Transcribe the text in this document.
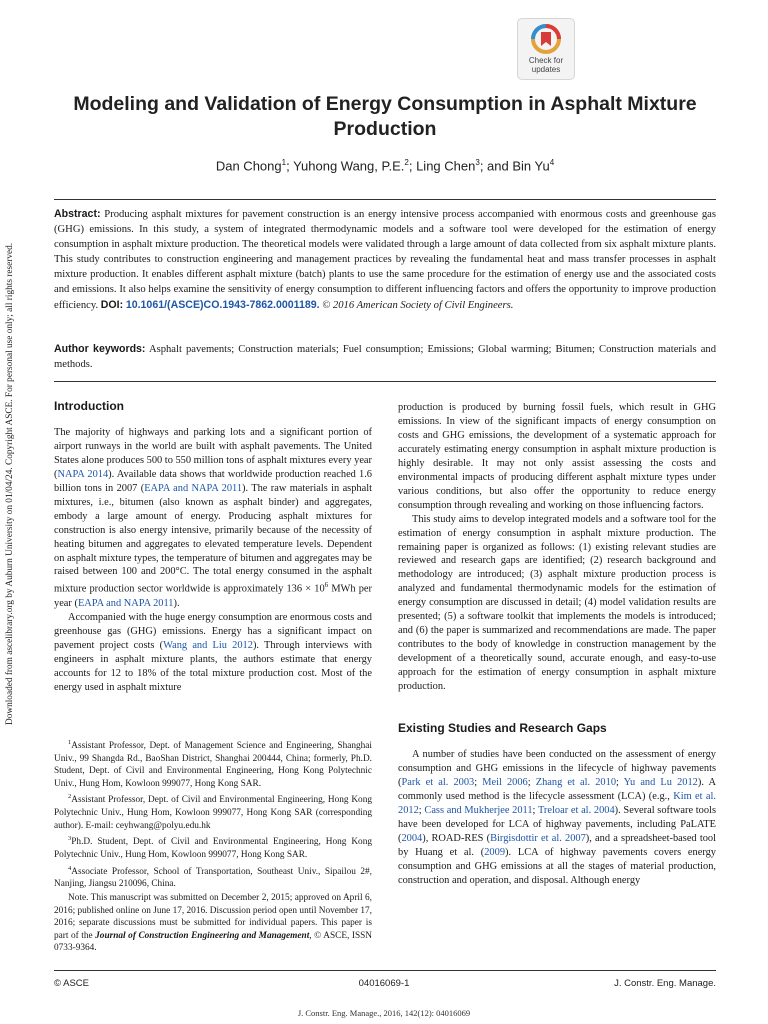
Downloaded from ascelibrary.org by Auburn University on 01/04/24. Copyright ASCE. For personal use only; all rights reserved.
Check for
updates
Modeling and Validation of Energy Consumption in Asphalt Mixture Production
Dan Chong$^1$; Yuhong Wang, P.E.$^2$; Ling Chen$^3$; and Bin Yu$^4$
Abstract: Producing asphalt mixtures for pavement construction is an energy intensive process accompanied with enormous costs and greenhouse gas (GHG) emissions. In this study, a system of integrated thermodynamic models and a software tool were developed for the estimation of energy consumption in asphalt mixture production. The theoretical models were validated through a large amount of data collected from six asphalt mixture plants. This study contributes to construction engineering and management practices by revealing the fundamental heat and mass transfer processes in asphalt mixture production. It enables different asphalt mixture (batch) plants to use the same procedure for the estimation of energy use and the associated costs and emissions. It also helps examine the sensitivity of energy consumption to different influencing factors and offers the opportunity to improve production efficiency. DOI: 10.1061/(ASCE)CO.1943-7862.0001189. © 2016 American Society of Civil Engineers.
Author keywords: Asphalt pavements; Construction materials; Fuel consumption; Emissions; Global warming; Bitumen; Construction materials and methods.
Introduction

The majority of highways and parking lots and a significant portion of airport runways in the world are built with asphalt pavements. The United States alone produces 500 to 550 million tons of asphalt mixtures every year (NAPA 2014). Available data shows that worldwide production reached 1.6 billion tons in 2007 (EAPA and NAPA 2011). The raw materials in asphalt mixtures, i.e., bitumen (also known as asphalt binder) and aggregates, embody a large amount of energy. Producing asphalt mixtures for construction is also energy intensive, primarily because of the necessity of heating bitumen and aggregates to elevated temperature levels. Dependent on asphalt mixture types, the temperature of bitumen and aggregates may be raised between 100 and 200°C. The total energy consumed in the asphalt mixture production sector worldwide is approximately $136 \times 10^6$ MWh per year (EAPA and NAPA 2011).

Accompanied with the huge energy consumption are enormous costs and greenhouse gas (GHG) emissions. Energy has a significant impact on pavement project costs (Wang and Liu 2012). Through interviews with engineers in asphalt mixture plants, the authors estimate that energy accounts for 12 to 18% of the total mixture production cost. Most of the energy used in asphalt mixture

$^1$Assistant Professor, Dept. of Management Science and Engineering, Shanghai Univ., 99 Shangda Rd., BaoShan District, Shanghai 200444, China; formerly, Ph.D. Student, Dept. of Civil and Environmental Engineering, Hong Kong Polytechnic Univ., Hung Hom, Kowloon 999077, Hong Kong SAR.

$^2$Assistant Professor, Dept. of Civil and Environmental Engineering, Hong Kong Polytechnic Univ., Hung Hom, Kowloon 999077, Hong Kong SAR (corresponding author). E-mail: ceyhwang@polyu.edu.hk

$^3$Ph.D. Student, Dept. of Civil and Environmental Engineering, Hong Kong Polytechnic Univ., Hung Hom, Kowloon 999077, Hong Kong SAR.

$^4$Associate Professor, School of Transportation, Southeast Univ., Sipailou 2#, Nanjing, Jiangsu 210096, China.

Note. This manuscript was submitted on December 2, 2015; approved on April 6, 2016; published online on June 17, 2016. Discussion period open until November 17, 2016; separate discussions must be submitted for individual papers. This paper is part of the Journal of Construction Engineering and Management, © ASCE, ISSN 0733-9364.

production is produced by burning fossil fuels, which result in GHG emissions. In view of the significant impacts of energy consumption on costs and GHG emissions, the development of a systematic approach for accurately estimating energy consumption in asphalt mixture production is highly desirable. It may not only assist assessing the costs and environmental impacts of producing different asphalt mixture types under various conditions, but also offer the opportunity to reduce energy consumption through revealing and working on those influencing factors.

This study aims to develop integrated models and a software tool for the estimation of energy consumption in asphalt mixture production. The remaining paper is organized as follows: (1) existing relevant studies are reviewed and research gaps are identified; (2) research background and methodology are introduced; (3) asphalt mixture production process is analyzed and fundamental thermodynamic models for the estimation of energy consumption are discussed in detail; (4) model validation results are presented; (5) a software toolkit that implements the models is introduced; and (6) the paper is summarized and recommendations are made. The paper contributes to the body of knowledge in construction management by the development of a theoretically sound, accurate enough, and easy-to-use approach for the estimation of energy consumption in asphalt mixture production.

Existing Studies and Research Gaps

A number of studies have been conducted on the assessment of energy consumption and GHG emissions in the lifecycle of highway pavements (Park et al. 2003; Meil 2006; Zhang et al. 2010; Yu and Lu 2012). A commonly used method is the lifecycle assessment (LCA) (e.g., Kim et al. 2012; Cass and Mukherjee 2011; Treloar et al. 2004). Several software tools have been developed for LCA of highway pavements, including PaLATE (2004), ROAD-RES (Birgisdottir et al. 2007), and a spreadsheet-based tool by Huang et al. (2009). LCA of highway pavements covers energy consumption and GHG emissions at all the stages of material production, construction and operation, and disposal. Although energy

© ASCE	04016069-1	J. Constr. Eng. Manage.
J. Constr. Eng. Manage., 2016, 142(12): 04016069
